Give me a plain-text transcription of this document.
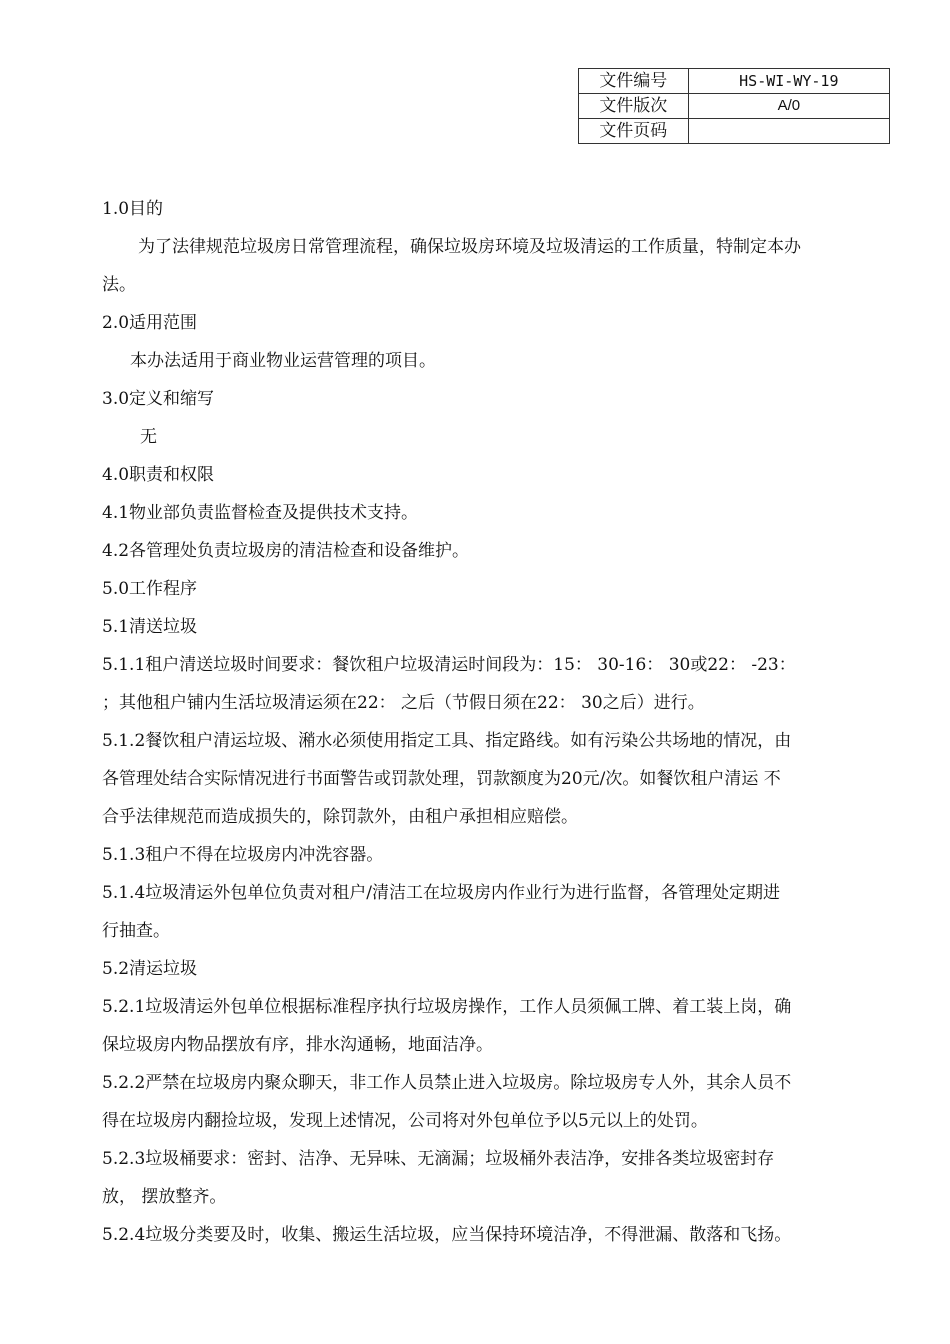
文件编号	HS-WI-WY-19
文件版次	A/0
文件页码	

1.0目的

为了法律规范垃圾房日常管理流程，确保垃圾房环境及垃圾清运的工作质量，特制定本办

法。

2.0适用范围

本办法适用于商业物业运营管理的项目。

3.0定义和缩写

无

4.0职责和权限

4.1物业部负责监督检查及提供技术支持。

4.2各管理处负责垃圾房的清洁检查和设备维护。

5.0工作程序

5.1清送垃圾

5.1.1租户清送垃圾时间要求：餐饮租户垃圾清运时间段为：15： 30-16： 30或22： -23：

；其他租户铺内生活垃圾清运须在22： 之后（节假日须在22： 30之后）进行。

5.1.2餐饮租户清运垃圾、潲水必须使用指定工具、指定路线。如有污染公共场地的情况，由

各管理处结合实际情况进行书面警告或罚款处理，罚款额度为20元/次。如餐饮租户清运 不

合乎法律规范而造成损失的，除罚款外，由租户承担相应赔偿。

5.1.3租户不得在垃圾房内冲洗容器。

5.1.4垃圾清运外包单位负责对租户/清洁工在垃圾房内作业行为进行监督，各管理处定期进

行抽查。

5.2清运垃圾

5.2.1垃圾清运外包单位根据标准程序执行垃圾房操作，工作人员须佩工牌、着工装上岗，确

保垃圾房内物品摆放有序，排水沟通畅，地面洁净。

5.2.2严禁在垃圾房内聚众聊天，非工作人员禁止进入垃圾房。除垃圾房专人外，其余人员不

得在垃圾房内翻捡垃圾，发现上述情况，公司将对外包单位予以5元以上的处罚。

5.2.3垃圾桶要求：密封、洁净、无异味、无滴漏；垃圾桶外表洁净，安排各类垃圾密封存

放， 摆放整齐。

5.2.4垃圾分类要及时，收集、搬运生活垃圾，应当保持环境洁净，不得泄漏、散落和飞扬。
